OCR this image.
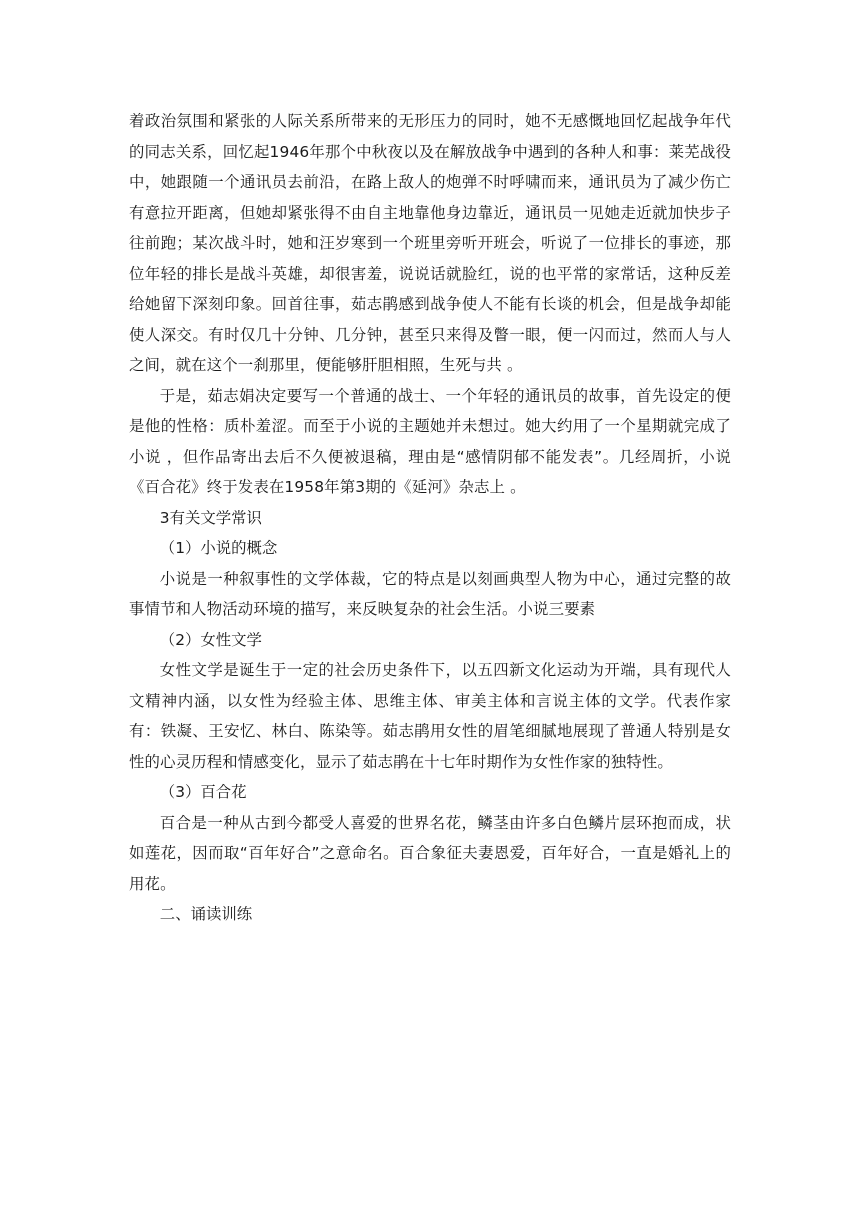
着政治氛围和紧张的人际关系所带来的无形压力的同时，她不无感慨地回忆起战争年代的同志关系，回忆起1946年那个中秋夜以及在解放战争中遇到的各种人和事：莱芜战役中，她跟随一个通讯员去前沿，在路上敌人的炮弹不时呼啸而来，通讯员为了减少伤亡有意拉开距离，但她却紧张得不由自主地靠他身边靠近，通讯员一见她走近就加快步子往前跑；某次战斗时，她和汪岁寒到一个班里旁听开班会，听说了一位排长的事迹，那位年轻的排长是战斗英雄，却很害羞，说说话就脸红，说的也平常的家常话，这种反差给她留下深刻印象。回首往事，茹志鹃感到战争使人不能有长谈的机会，但是战争却能使人深交。有时仅几十分钟、几分钟，甚至只来得及瞥一眼，便一闪而过，然而人与人之间，就在这个一刹那里，便能够肝胆相照，生死与共 。

于是，茹志娟决定要写一个普通的战士、一个年轻的通讯员的故事，首先设定的便是他的性格：质朴羞涩。而至于小说的主题她并未想过。她大约用了一个星期就完成了小说 ，但作品寄出去后不久便被退稿，理由是“感情阴郁不能发表”。几经周折，小说《百合花》终于发表在1958年第3期的《延河》杂志上 。

3有关文学常识

（1）小说的概念

小说是一种叙事性的文学体裁，它的特点是以刻画典型人物为中心，通过完整的故事情节和人物活动环境的描写，来反映复杂的社会生活。小说三要素

（2）女性文学

女性文学是诞生于一定的社会历史条件下，以五四新文化运动为开端，具有现代人文精神内涵，以女性为经验主体、思维主体、审美主体和言说主体的文学。代表作家有：铁凝、王安忆、林白、陈染等。茹志鹃用女性的眉笔细腻地展现了普通人特别是女性的心灵历程和情感变化，显示了茹志鹃在十七年时期作为女性作家的独特性。

（3）百合花

百合是一种从古到今都受人喜爱的世界名花，鳞茎由许多白色鳞片层环抱而成，状如莲花，因而取“百年好合”之意命名。百合象征夫妻恩爱，百年好合，一直是婚礼上的用花。

二、诵读训练
